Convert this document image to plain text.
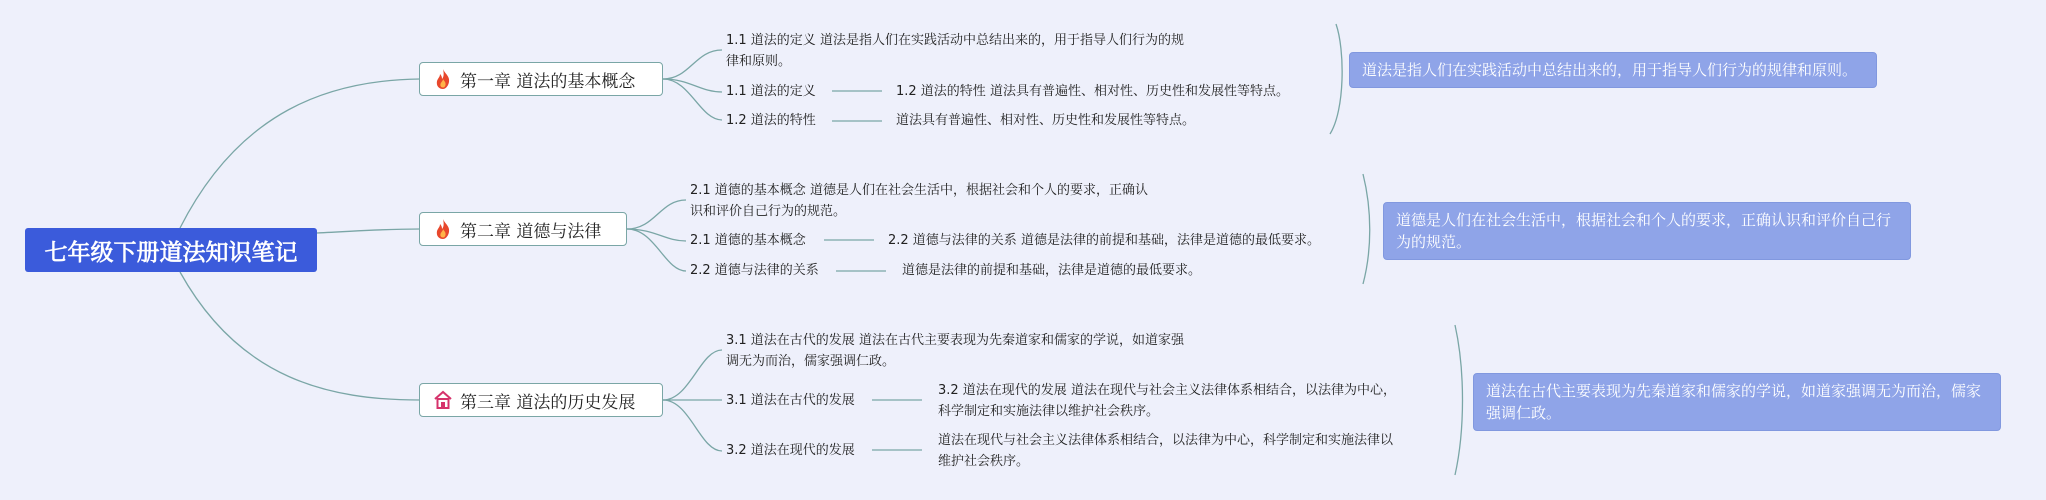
七年级下册道法知识笔记
第一章 道法的基本概念
1.1 道法的定义 道法是指人们在实践活动中总结出来的，用于指导人们行为的规
律和原则。
1.1 道法的定义	1.2 道法的特性 道法具有普遍性、相对性、历史性和发展性等特点。
1.2 道法的特性	道法具有普遍性、相对性、历史性和发展性等特点。
道法是指人们在实践活动中总结出来的，用于指导人们行为的规律和原则。
第二章 道德与法律
2.1 道德的基本概念 道德是人们在社会生活中，根据社会和个人的要求，正确认
识和评价自己行为的规范。
2.1 道德的基本概念	2.2 道德与法律的关系 道德是法律的前提和基础，法律是道德的最低要求。
2.2 道德与法律的关系	道德是法律的前提和基础，法律是道德的最低要求。
道德是人们在社会生活中，根据社会和个人的要求，正确认识和评价自己行为的规范。
第三章 道法的历史发展
3.1 道法在古代的发展 道法在古代主要表现为先秦道家和儒家的学说，如道家强
调无为而治，儒家强调仁政。
3.1 道法在古代的发展
3.2 道法在现代的发展 道法在现代与社会主义法律体系相结合，以法律为中心，
科学制定和实施法律以维护社会秩序。
3.2 道法在现代的发展
道法在现代与社会主义法律体系相结合，以法律为中心，科学制定和实施法律以
维护社会秩序。
道法在古代主要表现为先秦道家和儒家的学说，如道家强调无为而治，儒家强调仁政。
